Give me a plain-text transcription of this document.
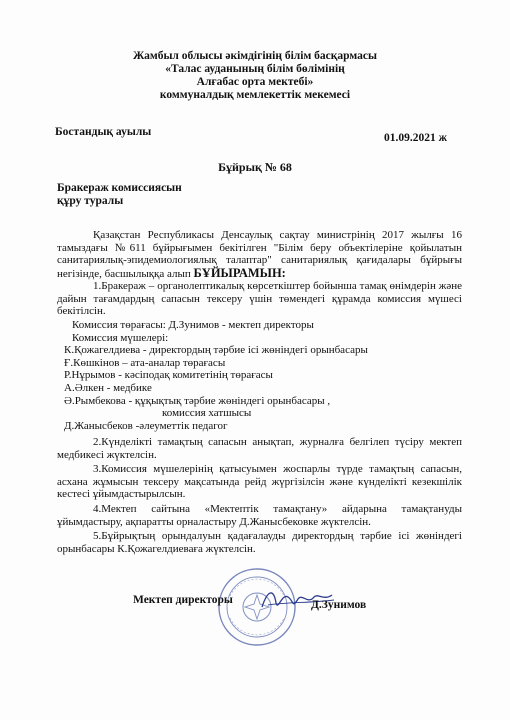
Жамбыл облысы әкімдігінің білім басқармасы
«Талас ауданының білім бөлімінің
Алғабас орта мектебі»
коммуналдық мемлекеттік мекемесі
Бостандық ауылы	01.09.2021 ж
Бұйрық № 68
Бракераж комиссиясын
құру туралы
Қазақстан Республикасы Денсаулық сақтау министрінің 2017 жылғы 16 тамыздағы №611 бұйрығымен бекітілген "Білім беру объектілеріне қойылатын санитариялық-эпидемиологиялық талаптар" санитариялық қағидалары бұйрығы негізінде, басшылыққа алып БҰЙЫРАМЫН:
1.Бракераж – органолептикалық көрсеткіштер бойынша тамақ өнімдерін және дайын тағамдардың сапасын тексеру үшін төмендегі құрамда комиссия мүшесі бекітілсін.
Комиссия төрағасы: Д.Зунимов - мектеп директоры
Комиссия мүшелері:
К.Қожагелдиева - директордың тәрбие ісі жөніндегі орынбасары
Ғ.Көшкінов – ата-аналар төрағасы
Р.Нұрымов - кәсіподақ комитетінің төрағасы
А.Әлкен - медбике
Ә.Рымбекова - құқықтық тәрбие жөніндегі орынбасары ,
комиссия хатшысы
Д.Жанысбеков -әлеуметтік педагог
2.Күнделікті тамақтың сапасын анықтап, журналға белгілеп түсіру мектеп медбикесі жүктелсін.
3.Комиссия мүшелерінің қатысуымен жоспарлы түрде тамақтың сапасын, асхана жұмысын тексеру мақсатында рейд жүргізілсін және күнделікті кезекшілік кестесі ұйымдастырылсын.
4.Мектеп сайтына «Мектептік тамақтану» айдарына тамақтануды ұйымдастыру, ақпаратты орналастыру Д.Жанысбековке жүктелсін.
5.Бұйрықтың орындалуын қадағалауды директордың тәрбие ісі жөніндегі орынбасары К.Қожагелдиеваға жүктелсін.
Мектеп директоры	Д.Зунимов
